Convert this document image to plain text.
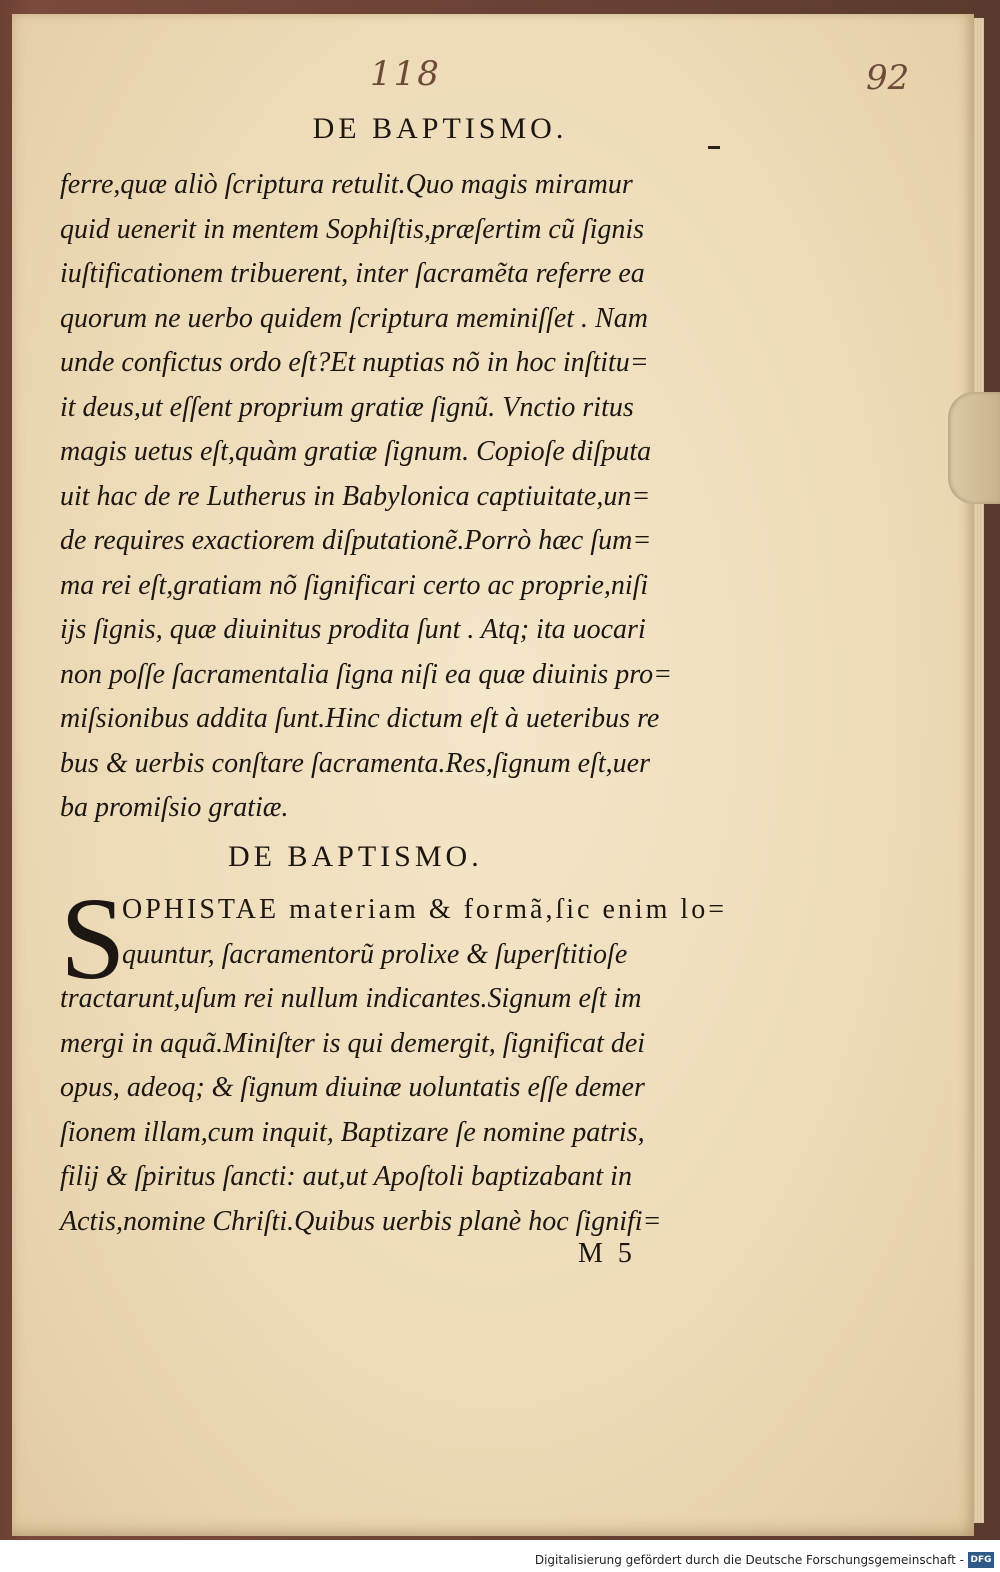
118	92
DE BAPTISMO.
ferre,quæ aliò ſcriptura retulit.Quo magis miramur
quid uenerit in mentem Sophiſtis,præſertim cũ ſignis
iuſtificationem tribuerent, inter ſacramẽta referre ea
quorum ne uerbo quidem ſcriptura meminiſſet . Nam
unde confictus ordo eſt?Et nuptias nõ in hoc inſtitu=
it deus,ut eſſent proprium gratiæ ſignũ. Vnctio ritus
magis uetus eſt,quàm gratiæ ſignum. Copioſe diſputa
uit hac de re Lutherus in Babylonica captiuitate,un=
de requires exactiorem diſputationẽ.Porrò hæc ſum=
ma rei eſt,gratiam nõ ſignificari certo ac proprie,niſi
ijs ſignis, quæ diuinitus prodita ſunt . Atq; ita uocari
non poſſe ſacramentalia ſigna niſi ea quæ diuinis pro=
miſsionibus addita ſunt.Hinc dictum eſt à ueteribus re
bus & uerbis conſtare ſacramenta.Res,ſignum eſt,uer
ba promiſsio gratiæ.
DE BAPTISMO.
S
OPHISTAE materiam & formã,ſic enim lo=
quuntur, ſacramentorũ prolixe & ſuperſtitioſe
tractarunt,uſum rei nullum indicantes.Signum eſt im
mergi in aquã.Miniſter is qui demergit, ſignificat dei
opus, adeoq; & ſignum diuinæ uoluntatis eſſe demer
ſionem illam,cum inquit, Baptizare ſe nomine patris,
filij & ſpiritus ſancti: aut,ut Apoſtoli baptizabant in
Actis,nomine Chriſti.Quibus uerbis planè hoc ſignifi=
M 5
Digitalisierung gefördert durch die Deutsche Forschungsgemeinschaft - DFG
